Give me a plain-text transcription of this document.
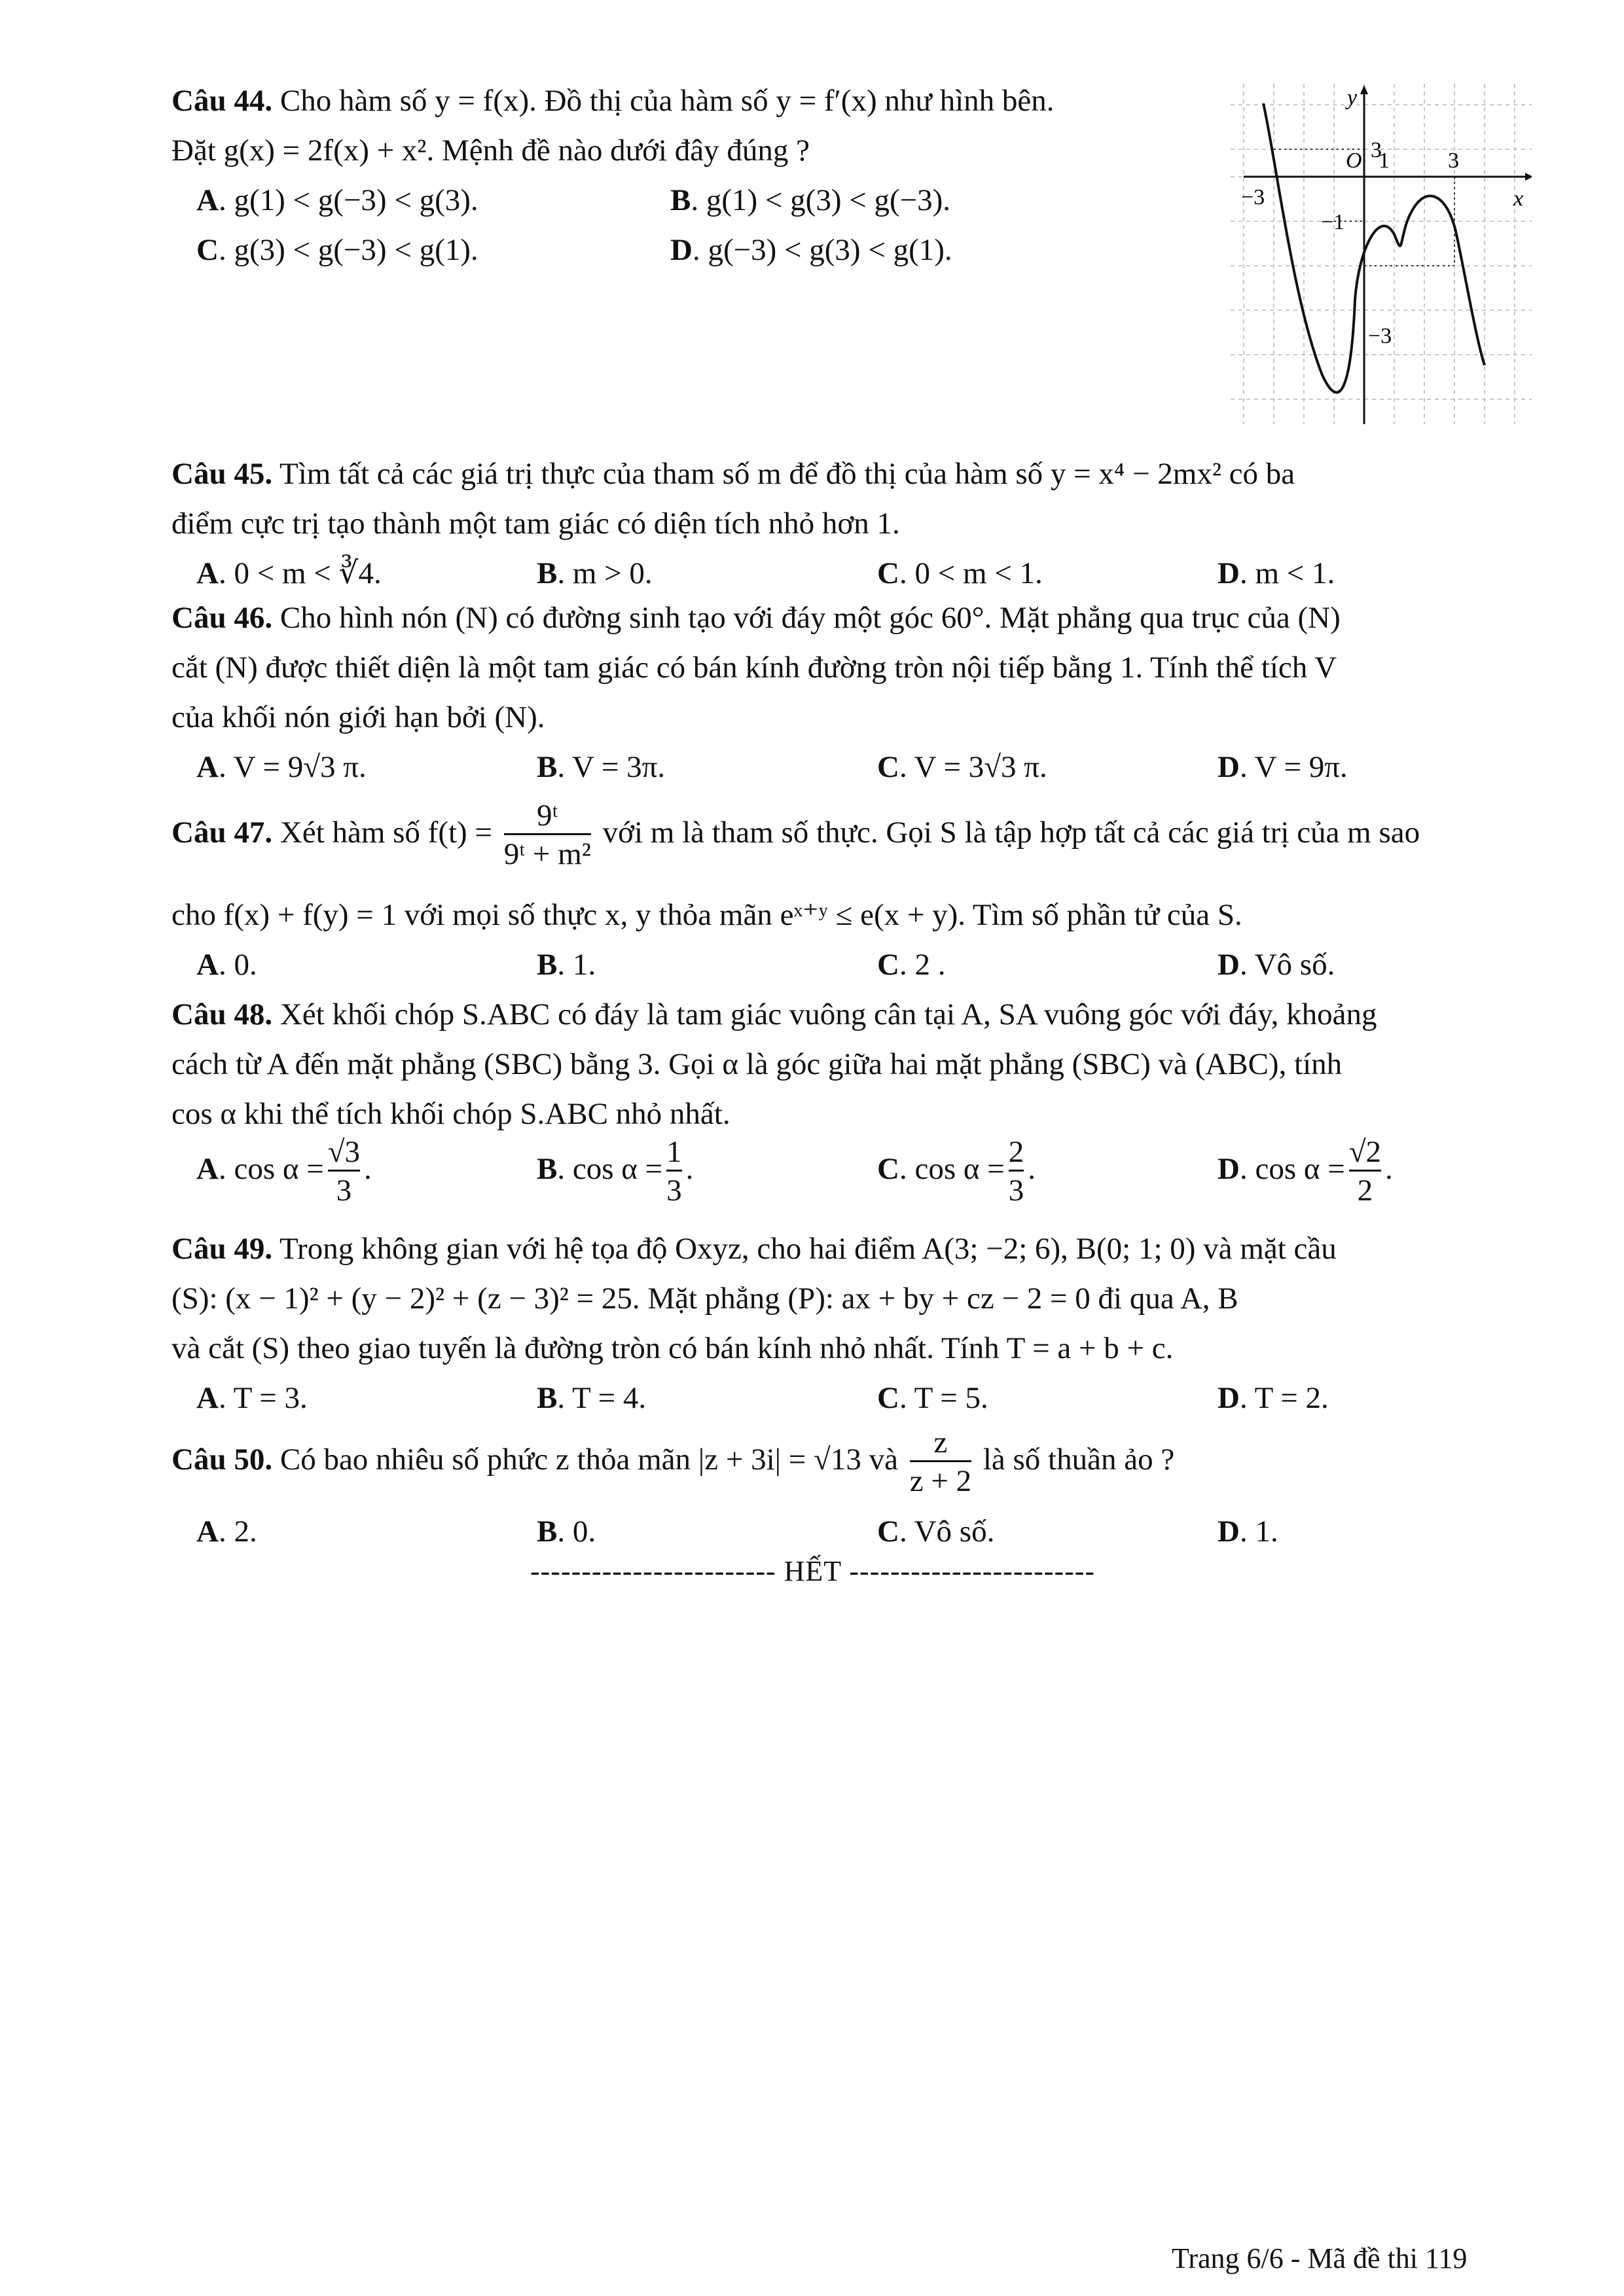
Câu 44. Cho hàm số y = f(x). Đồ thị của hàm số y = f′(x) như hình bên.

Đặt g(x) = 2f(x) + x². Mệnh đề nào dưới đây đúng ?

A. g(1) < g(−3) < g(3).	B. g(1) < g(3) < g(−3).
C. g(3) < g(−3) < g(1).	D. g(−3) < g(3) < g(1).
y
x
O 3
1	3
−3
−1
−3

Câu 45. Tìm tất cả các giá trị thực của tham số m để đồ thị của hàm số y = x⁴ − 2mx² có ba

điểm cực trị tạo thành một tam giác có diện tích nhỏ hơn 1.

A. 0 < m < ∛4.	B. m > 0.	C. 0 < m < 1.	D. m < 1.

Câu 46. Cho hình nón (N) có đường sinh tạo với đáy một góc 60°. Mặt phẳng qua trục của (N)

cắt (N) được thiết diện là một tam giác có bán kính đường tròn nội tiếp bằng 1. Tính thể tích V

của khối nón giới hạn bởi (N).

A. V = 9√3 π.	B. V = 3π.	C. V = 3√3 π.	D. V = 9π.

Câu 47. Xét hàm số $f(t) = \frac{\text{9ᵗ}}{\text{9ᵗ + m²}}$ với m là tham số thực. Gọi S là tập hợp tất cả các giá trị của m sao

cho f(x) + f(y) = 1 với mọi số thực x, y thỏa mãn eˣ⁺ʸ ≤ e(x + y). Tìm số phần tử của S.

A. 0.	B. 1.	C. 2 .	D. Vô số.

Câu 48. Xét khối chóp S.ABC có đáy là tam giác vuông cân tại A, SA vuông góc với đáy, khoảng

cách từ A đến mặt phẳng (SBC) bằng 3. Gọi α là góc giữa hai mặt phẳng (SBC) và (ABC), tính

cos α khi thể tích khối chóp S.ABC nhỏ nhất.

A. $\cos \alpha = \frac{√3}{3}$ .	B. $\cos \alpha = \frac{1}{3}$ .	C. $\cos \alpha = \frac{2}{3}$ .	D. $\cos \alpha = \frac{√2}{2}$ .

Câu 49. Trong không gian với hệ tọa độ Oxyz, cho hai điểm A(3; −2; 6), B(0; 1; 0) và mặt cầu

(S): (x − 1)² + (y − 2)² + (z − 3)² = 25. Mặt phẳng (P): ax + by + cz − 2 = 0 đi qua A, B

và cắt (S) theo giao tuyến là đường tròn có bán kính nhỏ nhất. Tính T = a + b + c.

A. T = 3.	B. T = 4.	C. T = 5.	D. T = 2.

Câu 50. Có bao nhiêu số phức z thỏa mãn |z + 3i| = √13 và $\frac{z}{z + 2}$ là số thuần ảo ?

A. 2.	B. 0.	C. Vô số.	D. 1.
------------------------ HẾT ------------------------
Trang 6/6 - Mã đề thi 119
